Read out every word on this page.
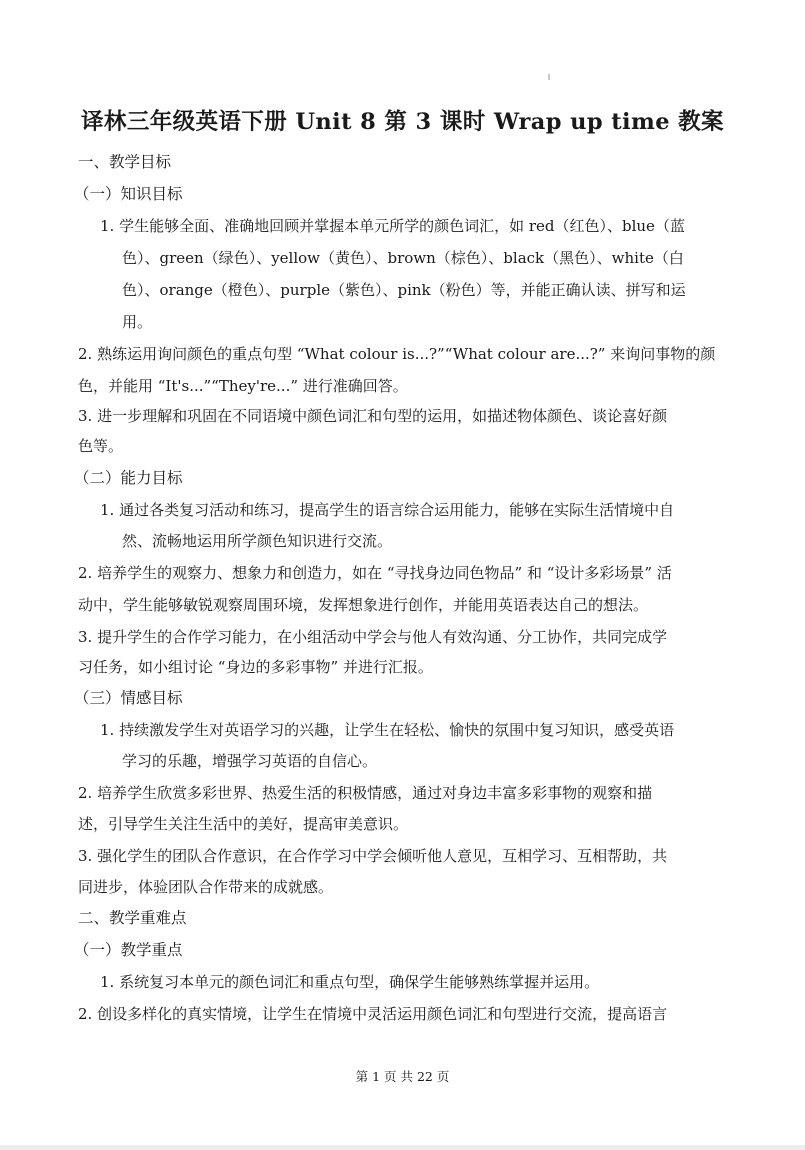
译林三年级英语下册 Unit 8 第 3 课时 Wrap up time 教案
一、教学目标
（一）知识目标
1. 学生能够全面、准确地回顾并掌握本单元所学的颜色词汇，如 red（红色）、blue（蓝
色）、green（绿色）、yellow（黄色）、brown（棕色）、black（黑色）、white（白
色）、orange（橙色）、purple（紫色）、pink（粉色）等，并能正确认读、拼写和运
用。
2. 熟练运用询问颜色的重点句型 “What colour is...?”“What colour are...?” 来询问事物的颜
色，并能用 “It's...”“They're...” 进行准确回答。
3. 进一步理解和巩固在不同语境中颜色词汇和句型的运用，如描述物体颜色、谈论喜好颜
色等。
（二）能力目标
1. 通过各类复习活动和练习，提高学生的语言综合运用能力，能够在实际生活情境中自
然、流畅地运用所学颜色知识进行交流。
2. 培养学生的观察力、想象力和创造力，如在 “寻找身边同色物品” 和 “设计多彩场景” 活
动中，学生能够敏锐观察周围环境，发挥想象进行创作，并能用英语表达自己的想法。
3. 提升学生的合作学习能力，在小组活动中学会与他人有效沟通、分工协作，共同完成学
习任务，如小组讨论 “身边的多彩事物” 并进行汇报。
（三）情感目标
1. 持续激发学生对英语学习的兴趣，让学生在轻松、愉快的氛围中复习知识，感受英语
学习的乐趣，增强学习英语的自信心。
2. 培养学生欣赏多彩世界、热爱生活的积极情感，通过对身边丰富多彩事物的观察和描
述，引导学生关注生活中的美好，提高审美意识。
3. 强化学生的团队合作意识，在合作学习中学会倾听他人意见，互相学习、互相帮助，共
同进步，体验团队合作带来的成就感。
二、教学重难点
（一）教学重点
1. 系统复习本单元的颜色词汇和重点句型，确保学生能够熟练掌握并运用。
2. 创设多样化的真实情境，让学生在情境中灵活运用颜色词汇和句型进行交流，提高语言
第 1 页 共 22 页
